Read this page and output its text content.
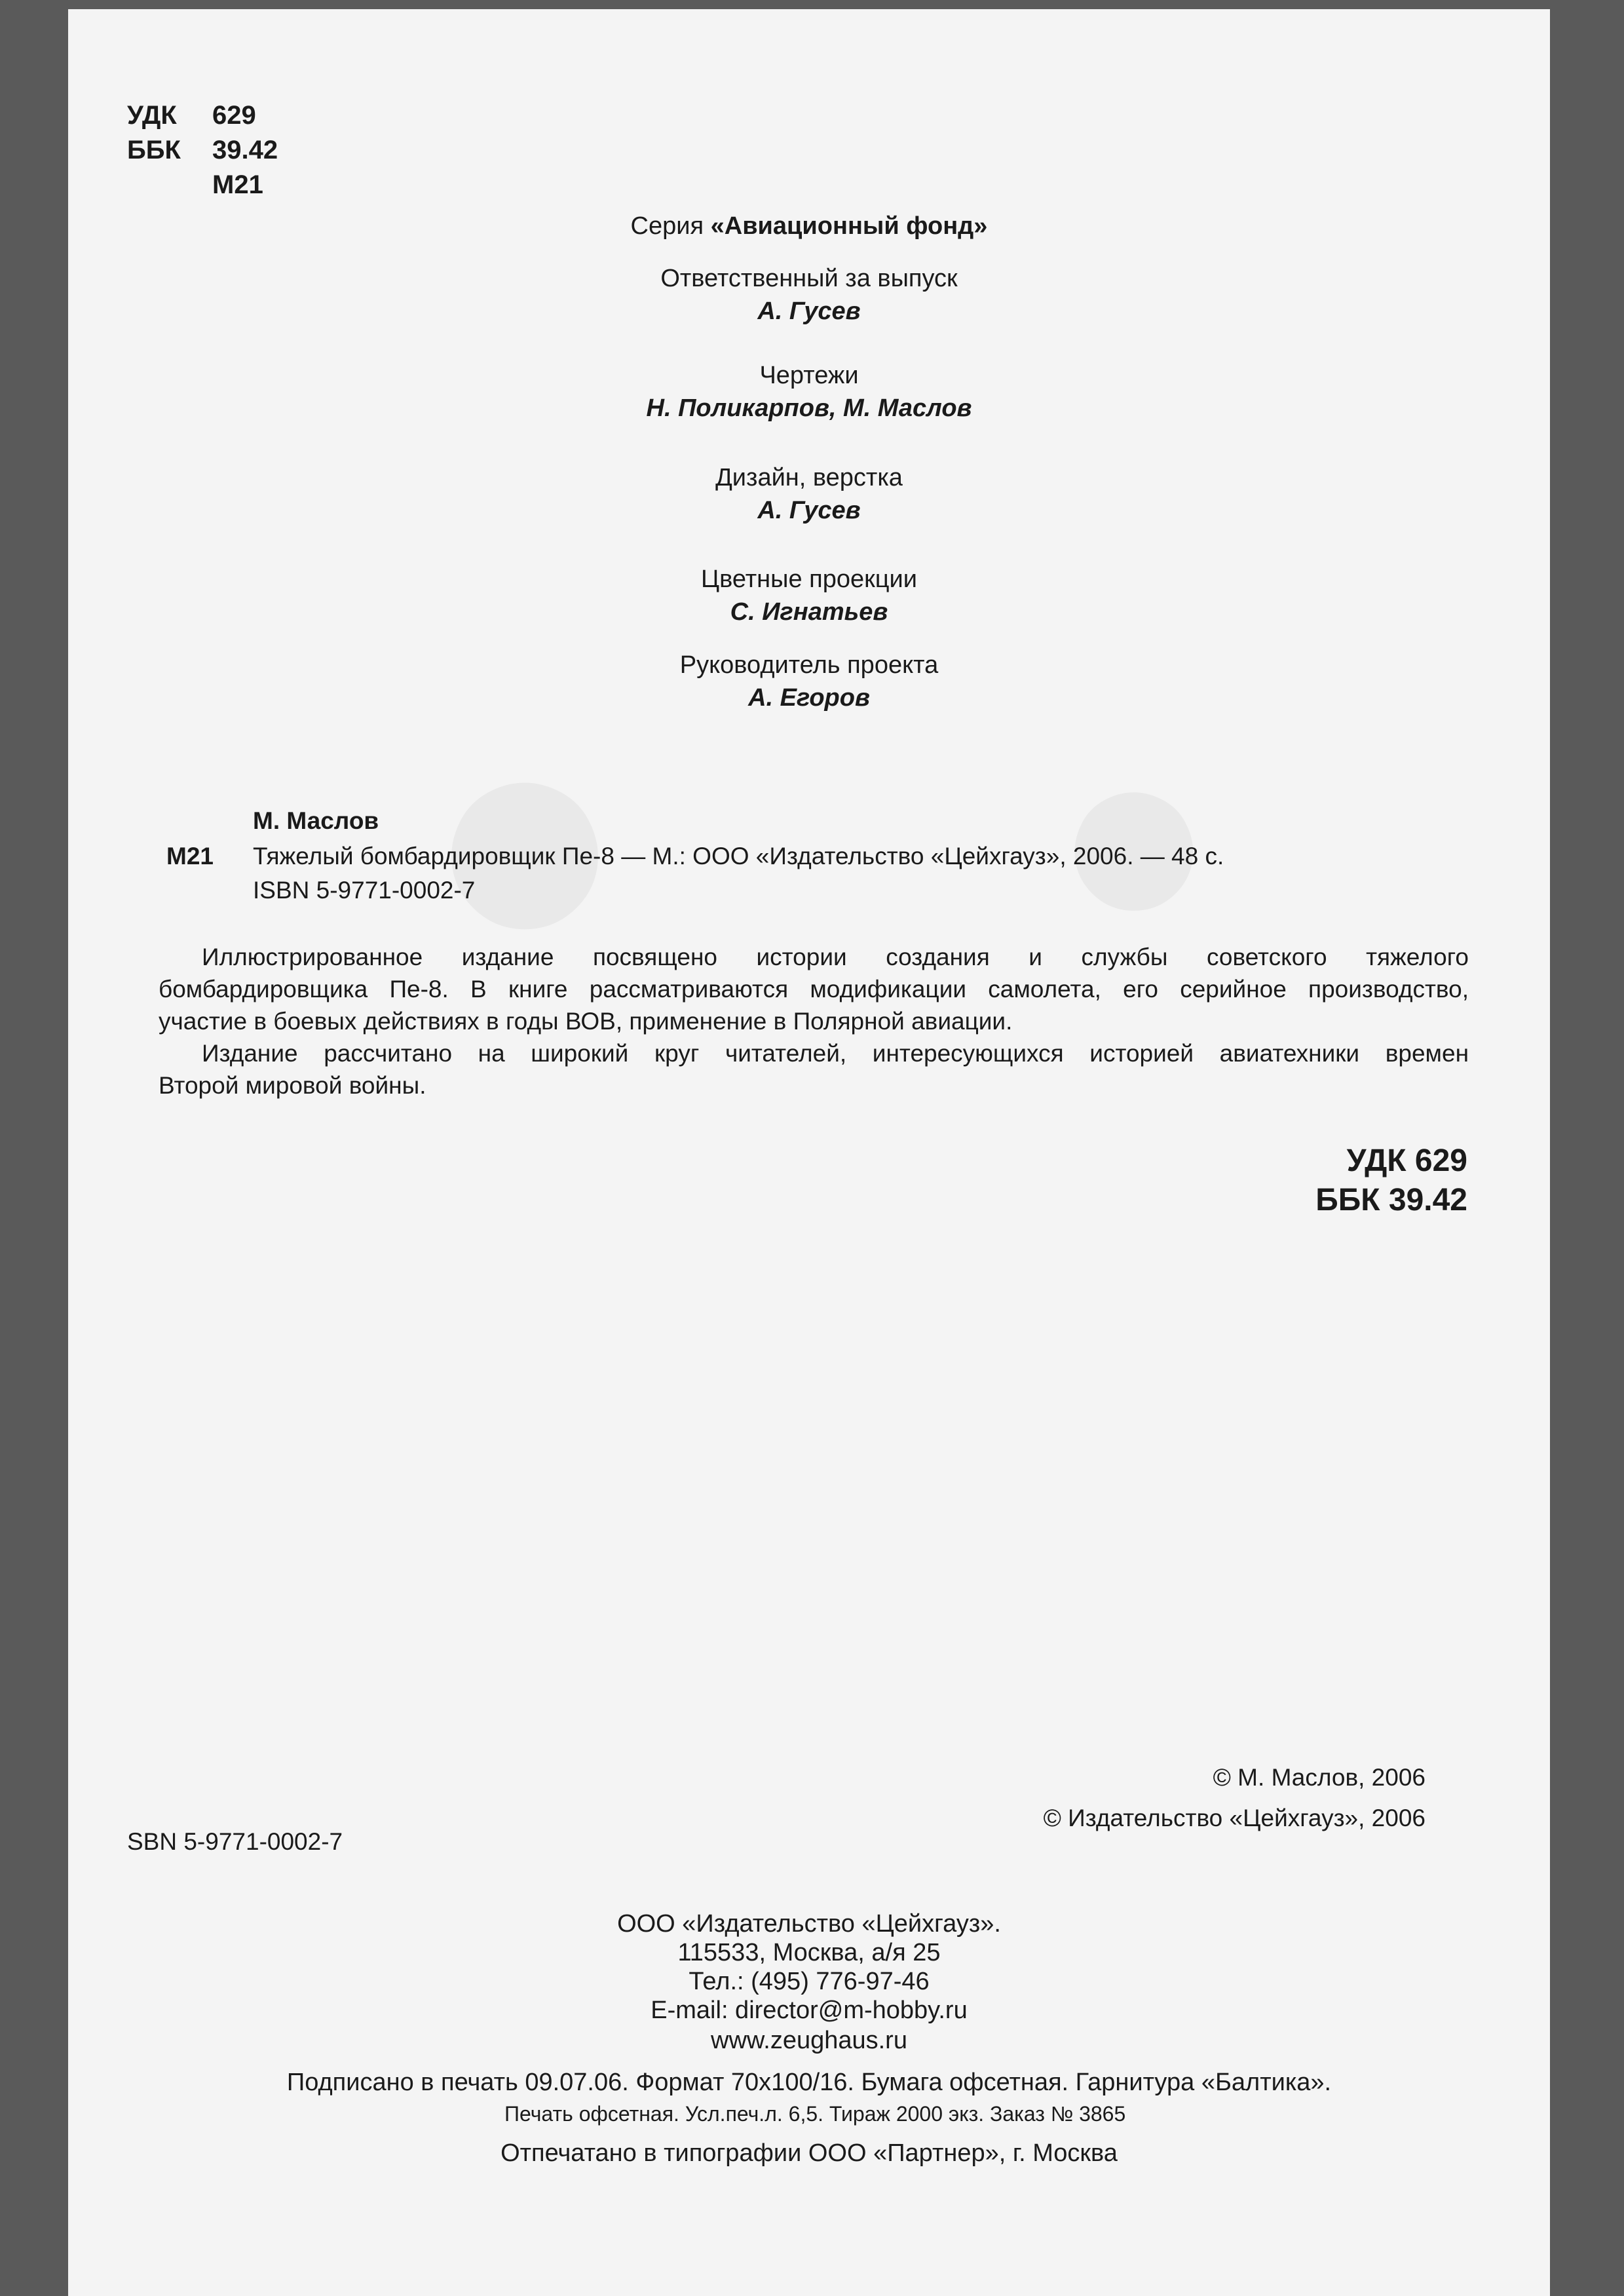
● ●
УДК 629
ББК 39.42
М21
Серия «Авиационный фонд»
Ответственный за выпуск
А. Гусев
Чертежи
Н. Поликарпов, М. Маслов
Дизайн, верстка
А. Гусев
Цветные проекции
С. Игнатьев
Руководитель проекта
А. Егоров
М. Маслов
М21 Тяжелый бомбардировщик Пе-8 — М.: ООО «Издательство «Цейхгауз», 2006. — 48 с.
ISBN 5-9771-0002-7
Иллюстрированное издание посвящено истории создания и службы советского тяжелого
бомбардировщика Пе-8. В книге рассматриваются модификации самолета, его серийное производство,
участие в боевых действиях в годы ВОВ, применение в Полярной авиации.
Издание рассчитано на широкий круг читателей, интересующихся историей авиатехники времен
Второй мировой войны.
УДК 629
ББК 39.42
© М. Маслов, 2006
© Издательство «Цейхгауз», 2006
SBN 5-9771-0002-7
ООО «Издательство «Цейхгауз».
115533, Москва, а/я 25
Тел.: (495) 776-97-46
E-mail: director@m-hobby.ru
www.zeughaus.ru
Подписано в печать 09.07.06. Формат 70x100/16. Бумага офсетная. Гарнитура «Балтика».
Печать офсетная. Усл.печ.л. 6,5. Тираж 2000 экз. Заказ № 3865
Отпечатано в типографии ООО «Партнер», г. Москва
